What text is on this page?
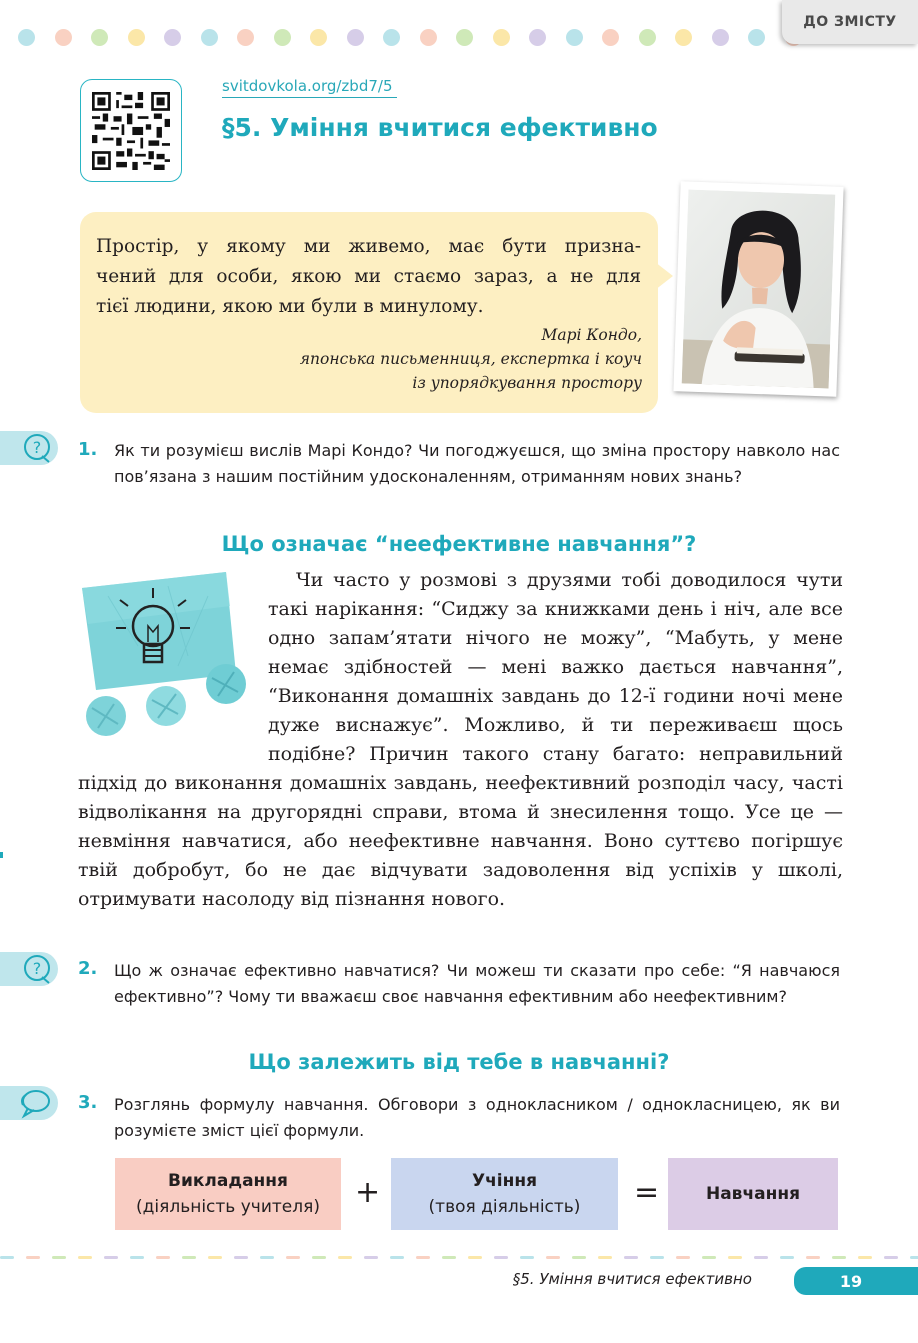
ДО ЗМІСТУ
svitdovkola.org/zbd7/5
§5. Уміння вчитися ефективно
Простір, у якому ми живемо, має бути призна-
чений для особи, якою ми стаємо зараз, а не для
тієї людини, якою ми були в минулому.
Марі Кондо,
японська письменниця, експертка і коуч
із упорядкування простору
? 1. Як ти розумієш вислів Марі Кондо? Чи погоджуєшся, що зміна простору навколо нас пов’язана з нашим постійним удосконаленням, отриманням нових знань?
Що означає “неефективне навчання”?
Чи часто у розмові з друзями тобі доводилося чути такі нарікання: “Сиджу за книжками день і ніч, але все одно запам’ятати нічого не можу”, “Мабуть, у мене немає здібностей — мені важко дається навчання”, “Виконання домашніх завдань до 12-ї години ночі мене дуже виснажує”. Можливо, й ти переживаєш щось подібне? Причин такого стану багато: неправильний підхід до виконання домашніх завдань, неефективний розподіл часу, часті відволікання на другорядні справи, втома й знесилення тощо. Усе це — невміння навчатися, або неефективне навчання. Воно суттєво погіршує твій добробут, бо не дає відчувати задоволення від успіхів у школі, отримувати насолоду від пізнання нового.
? 2. Що ж означає ефективно навчатися? Чи можеш ти сказати про себе: “Я навчаюся ефективно”? Чому ти вважаєш своє навчання ефективним або неефективним?
Що залежить від тебе в навчанні?
3. Розглянь формулу навчання. Обговори з однокласником / однокласницею, як ви розумієте зміст цієї формули.
Викладання
(діяльність учителя) +	Учіння
(твоя діяльність) =	Навчання
§5. Уміння вчитися ефективно	19
